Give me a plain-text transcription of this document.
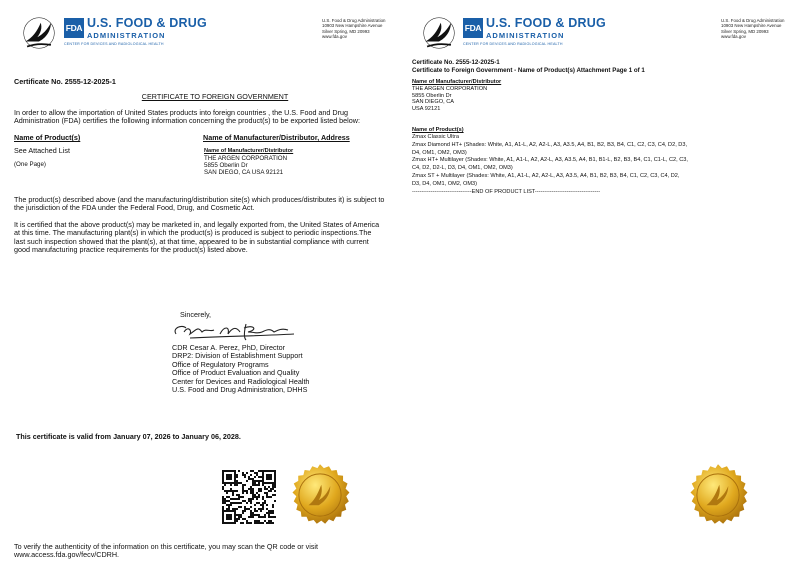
FDA U.S. FOOD & DRUG
ADMINISTRATION
CENTER FOR DEVICES AND RADIOLOGICAL HEALTH
U.S. Food & Drug Administration
10903 New Hampshire Avenue
Silver Spring, MD 20993
www.fda.gov
Certificate No. 2555-12-2025-1
CERTIFICATE TO FOREIGN GOVERNMENT
In order to allow the importation of United States products into foreign countries , the U.S. Food and Drug Administration (FDA) certifies the following information concerning the product(s) to be exported listed below:
Name of Product(s)	Name of Manufacturer/Distributor, Address
See Attached List
(One Page)
Name of Manufacturer/Distributor
THE ARGEN CORPORATION
5855 Oberlin Dr
SAN DIEGO, CA USA 92121
The product(s) described above (and the manufacturing/distribution site(s) which produces/distributes it) is subject to the jurisdiction of the FDA under the Federal Food, Drug, and Cosmetic Act.
It is certified that the above product(s) may be marketed in, and legally exported from, the United States of America at this time. The manufacturing plant(s) in which the product(s) is produced is subject to periodic inspections.The last such inspection showed that the plant(s), at that time, appeared to be in substantial compliance with current good manufacturing practice requirements for the product(s) listed above.
Sincerely,
CDR Cesar A. Perez, PhD, Director
DRP2: Division of Establishment Support
Office of Regulatory Programs
Office of Product Evaluation and Quality
Center for Devices and Radiological Health
U.S. Food and Drug Administration, DHHS
This certificate is valid from January 07, 2026 to January 06, 2028.
To verify the authenticity of the information on this certificate, you may scan the QR code or visit www.access.fda.gov/fecv/CDRH.
FDA U.S. FOOD & DRUG
ADMINISTRATION
CENTER FOR DEVICES AND RADIOLOGICAL HEALTH
U.S. Food & Drug Administration
10903 New Hampshire Avenue
Silver Spring, MD 20993
www.fda.gov
Certificate No. 2555-12-2025-1
Certificate to Foreign Government - Name of Product(s) Attachment Page 1 of 1
Name of Manufacturer/Distributor
THE ARGEN CORPORATION
5855 Oberlin Dr
SAN DIEGO, CA
USA 92121
Name of Product(s)
Zmax Classic Ultra
Zmax Diamond HT+ (Shades: White, A1, A1-L, A2, A2-L, A3, A3.5, A4, B1, B2, B3, B4, C1, C2, C3, C4, D2, D3,
D4, OM1, OM2, OM3)
Zmax HT+ Multilayer (Shades: White, A1, A1-L, A2, A2-L, A3, A3.5, A4, B1, B1-L, B2, B3, B4, C1, C1-L, C2, C3,
C4, D2, D2-L, D3, D4, OM1, OM2, OM3)
Zmax ST + Multilayer (Shades: White, A1, A1-L, A2, A2-L, A3, A3.5, A4, B1, B2, B3, B4, C1, C2, C3, C4, D2,
D3, D4, OM1, OM2, OM3)
--------------------------------END OF PRODUCT LIST-----------------------------------
